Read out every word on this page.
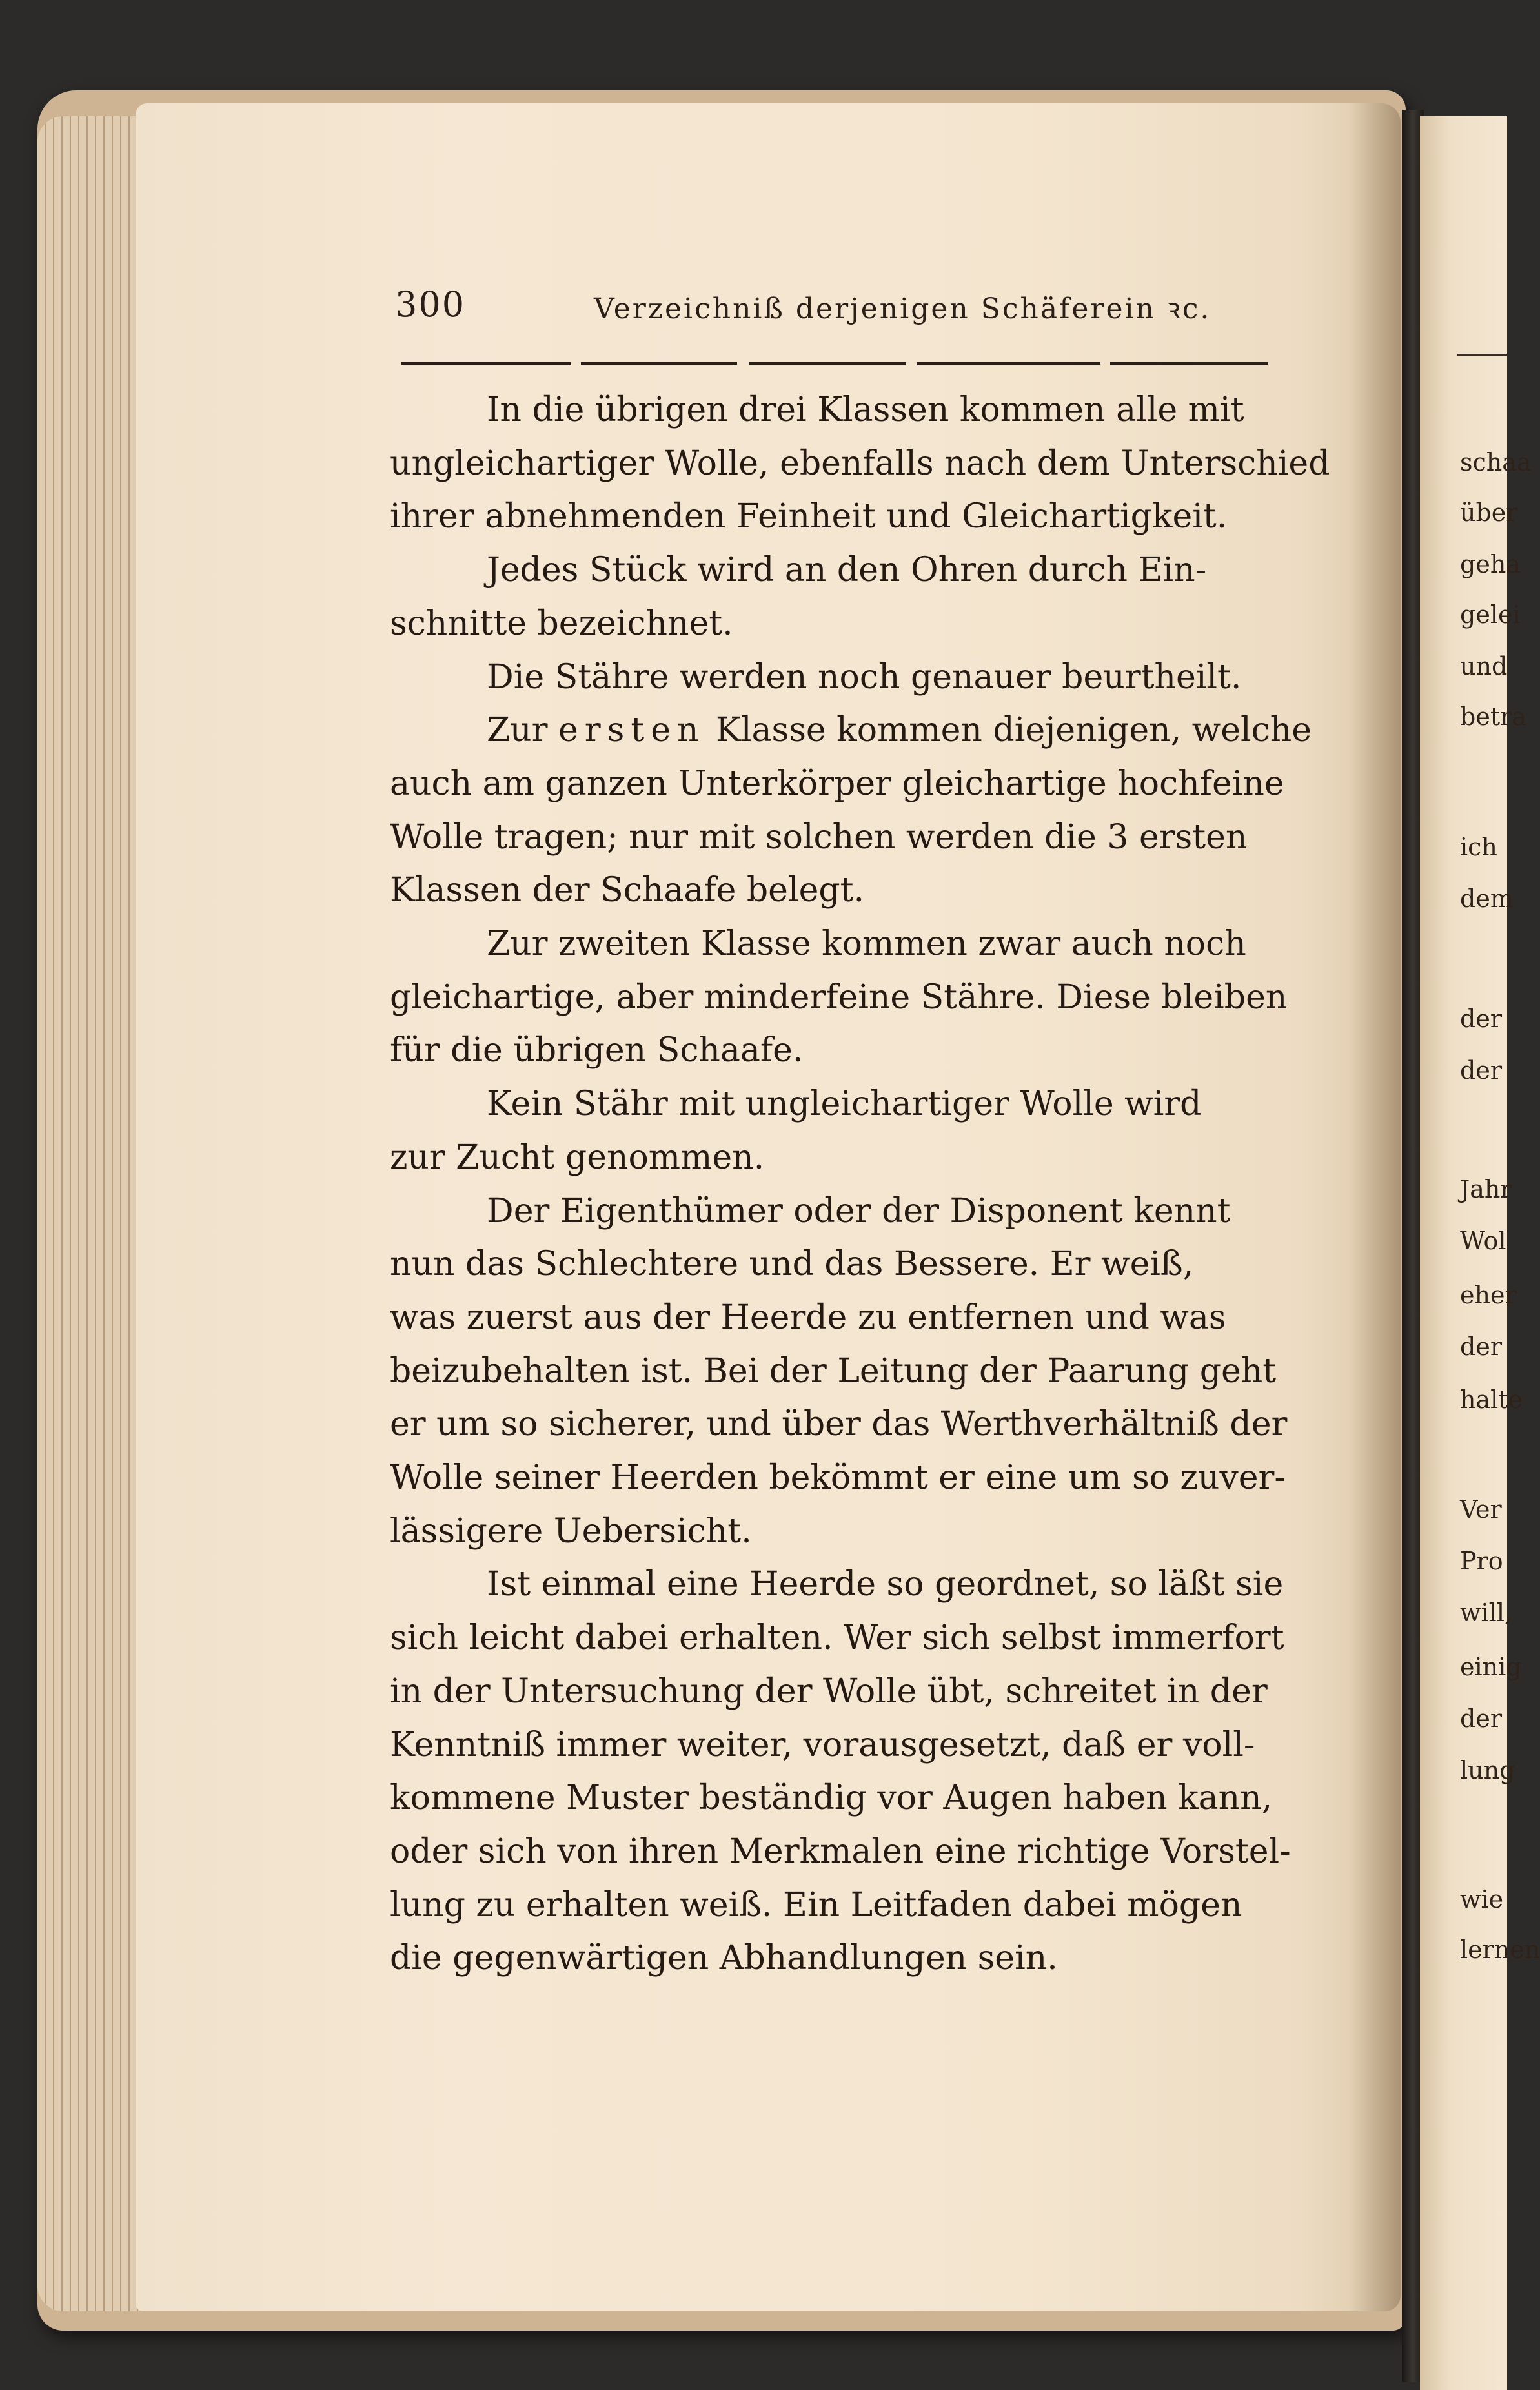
schaa

über

geha

gelei

und

betra

ich

dem

der

der

Jahr

Wol

eher

der

halte

Ver

Pro

will,

einig

der

lung

wie

lernen

300	Verzeichniß derjenigen Schäferein ꝛc.

In die übrigen drei Klassen kommen alle mit
ungleichartiger Wolle, ebenfalls nach dem Unterschied
ihrer abnehmenden Feinheit und Gleichartigkeit.

Jedes Stück wird an den Ohren durch Ein-
schnitte bezeichnet.

Die Stähre werden noch genauer beurtheilt.

Zur ersten Klasse kommen diejenigen, welche
auch am ganzen Unterkörper gleichartige hochfeine
Wolle tragen; nur mit solchen werden die 3 ersten
Klassen der Schaafe belegt.

Zur zweiten Klasse kommen zwar auch noch
gleichartige, aber minderfeine Stähre. Diese bleiben
für die übrigen Schaafe.

Kein Stähr mit ungleichartiger Wolle wird
zur Zucht genommen.

Der Eigenthümer oder der Disponent kennt
nun das Schlechtere und das Bessere. Er weiß,
was zuerst aus der Heerde zu entfernen und was
beizubehalten ist. Bei der Leitung der Paarung geht
er um so sicherer, und über das Werthverhältniß der
Wolle seiner Heerden bekömmt er eine um so zuver-
lässigere Uebersicht.

Ist einmal eine Heerde so geordnet, so läßt sie
sich leicht dabei erhalten. Wer sich selbst immerfort
in der Untersuchung der Wolle übt, schreitet in der
Kenntniß immer weiter, vorausgesetzt, daß er voll-
kommene Muster beständig vor Augen haben kann,
oder sich von ihren Merkmalen eine richtige Vorstel-
lung zu erhalten weiß. Ein Leitfaden dabei mögen
die gegenwärtigen Abhandlungen sein.
